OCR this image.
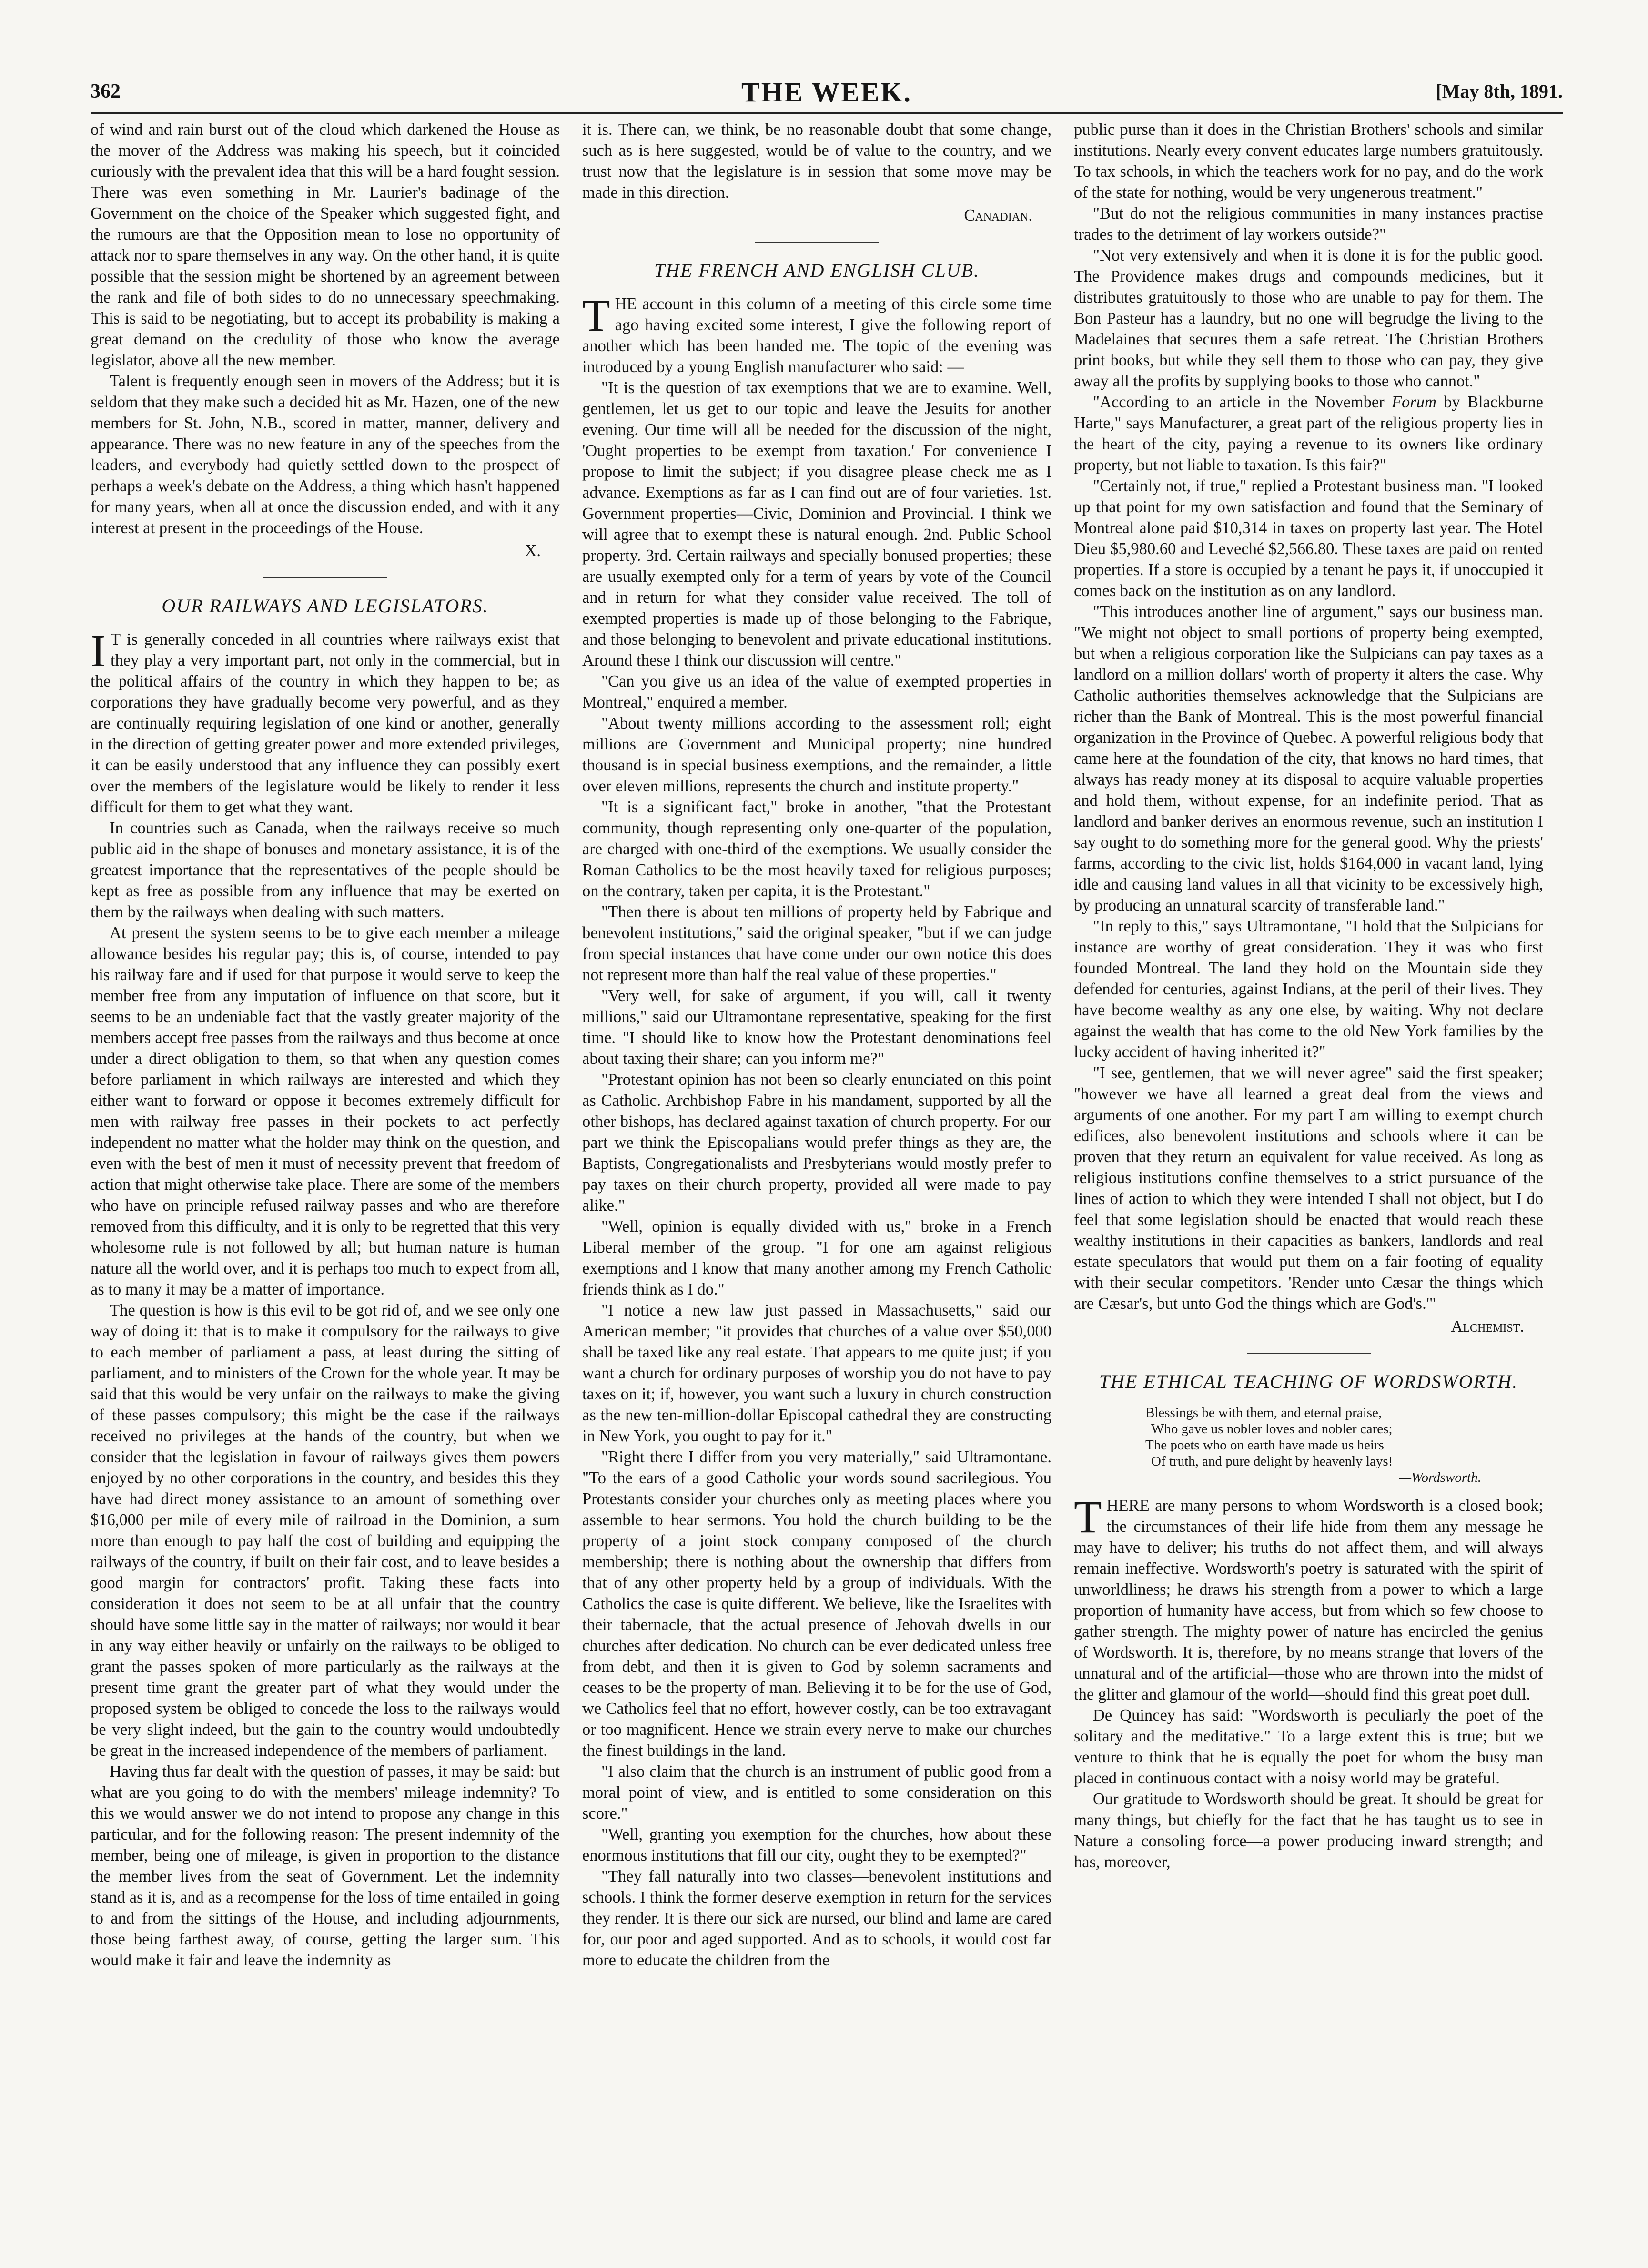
362	THE WEEK.	[May 8th, 1891.

of wind and rain burst out of the cloud which darkened the House as the mover of the Address was making his speech, but it coincided curiously with the prevalent idea that this will be a hard fought session. There was even something in Mr. Laurier's badinage of the Government on the choice of the Speaker which suggested fight, and the rumours are that the Opposition mean to lose no opportunity of attack nor to spare themselves in any way. On the other hand, it is quite possible that the session might be shortened by an agreement between the rank and file of both sides to do no unnecessary speechmaking. This is said to be negotiating, but to accept its probability is making a great demand on the credulity of those who know the average legislator, above all the new member.

Talent is frequently enough seen in movers of the Address; but it is seldom that they make such a decided hit as Mr. Hazen, one of the new members for St. John, N.B., scored in matter, manner, delivery and appearance. There was no new feature in any of the speeches from the leaders, and everybody had quietly settled down to the prospect of perhaps a week's debate on the Address, a thing which hasn't happened for many years, when all at once the discussion ended, and with it any interest at present in the proceedings of the House.

X.
OUR RAILWAYS AND LEGISLATORS.

I T is generally conceded in all countries where railways exist that they play a very important part, not only in the commercial, but in the political affairs of the country in which they happen to be; as corporations they have gradually become very powerful, and as they are continually requiring legislation of one kind or another, generally in the direction of getting greater power and more extended privileges, it can be easily understood that any influence they can possibly exert over the members of the legislature would be likely to render it less difficult for them to get what they want.

In countries such as Canada, when the railways receive so much public aid in the shape of bonuses and monetary assistance, it is of the greatest importance that the representatives of the people should be kept as free as possible from any influence that may be exerted on them by the railways when dealing with such matters.

At present the system seems to be to give each member a mileage allowance besides his regular pay; this is, of course, intended to pay his railway fare and if used for that purpose it would serve to keep the member free from any imputation of influence on that score, but it seems to be an undeniable fact that the vastly greater majority of the members accept free passes from the railways and thus become at once under a direct obligation to them, so that when any question comes before parliament in which railways are interested and which they either want to forward or oppose it becomes extremely difficult for men with railway free passes in their pockets to act perfectly independent no matter what the holder may think on the question, and even with the best of men it must of necessity prevent that freedom of action that might otherwise take place. There are some of the members who have on principle refused railway passes and who are therefore removed from this difficulty, and it is only to be regretted that this very wholesome rule is not followed by all; but human nature is human nature all the world over, and it is perhaps too much to expect from all, as to many it may be a matter of importance.

The question is how is this evil to be got rid of, and we see only one way of doing it: that is to make it compulsory for the railways to give to each member of parliament a pass, at least during the sitting of parliament, and to ministers of the Crown for the whole year. It may be said that this would be very unfair on the railways to make the giving of these passes compulsory; this might be the case if the railways received no privileges at the hands of the country, but when we consider that the legislation in favour of railways gives them powers enjoyed by no other corporations in the country, and besides this they have had direct money assistance to an amount of something over $16,000 per mile of every mile of railroad in the Dominion, a sum more than enough to pay half the cost of building and equipping the railways of the country, if built on their fair cost, and to leave besides a good margin for contractors' profit. Taking these facts into consideration it does not seem to be at all unfair that the country should have some little say in the matter of railways; nor would it bear in any way either heavily or unfairly on the railways to be obliged to grant the passes spoken of more particularly as the railways at the present time grant the greater part of what they would under the proposed system be obliged to concede the loss to the railways would be very slight indeed, but the gain to the country would undoubtedly be great in the increased independence of the members of parliament.

Having thus far dealt with the question of passes, it may be said: but what are you going to do with the members' mileage indemnity? To this we would answer we do not intend to propose any change in this particular, and for the following reason: The present indemnity of the member, being one of mileage, is given in proportion to the distance the member lives from the seat of Government. Let the indemnity stand as it is, and as a recompense for the loss of time entailed in going to and from the sittings of the House, and including adjournments, those being farthest away, of course, getting the larger sum. This would make it fair and leave the indemnity as

it is. There can, we think, be no reasonable doubt that some change, such as is here suggested, would be of value to the country, and we trust now that the legislature is in session that some move may be made in this direction.

Canadian.
THE FRENCH AND ENGLISH CLUB.

THE account in this column of a meeting of this circle some time ago having excited some interest, I give the following report of another which has been handed me. The topic of the evening was introduced by a young English manufacturer who said: —

"It is the question of tax exemptions that we are to examine. Well, gentlemen, let us get to our topic and leave the Jesuits for another evening. Our time will all be needed for the discussion of the night, 'Ought properties to be exempt from taxation.' For convenience I propose to limit the subject; if you disagree please check me as I advance. Exemptions as far as I can find out are of four varieties. 1st. Government properties—Civic, Dominion and Provincial. I think we will agree that to exempt these is natural enough. 2nd. Public School property. 3rd. Certain railways and specially bonused properties; these are usually exempted only for a term of years by vote of the Council and in return for what they consider value received. The toll of exempted properties is made up of those belonging to the Fabrique, and those belonging to benevolent and private educational institutions. Around these I think our discussion will centre."

"Can you give us an idea of the value of exempted properties in Montreal," enquired a member.

"About twenty millions according to the assessment roll; eight millions are Government and Municipal property; nine hundred thousand is in special business exemptions, and the remainder, a little over eleven millions, represents the church and institute property."

"It is a significant fact," broke in another, "that the Protestant community, though representing only one-quarter of the population, are charged with one-third of the exemptions. We usually consider the Roman Catholics to be the most heavily taxed for religious purposes; on the contrary, taken per capita, it is the Protestant."

"Then there is about ten millions of property held by Fabrique and benevolent institutions," said the original speaker, "but if we can judge from special instances that have come under our own notice this does not represent more than half the real value of these properties."

"Very well, for sake of argument, if you will, call it twenty millions," said our Ultramontane representative, speaking for the first time. "I should like to know how the Protestant denominations feel about taxing their share; can you inform me?"

"Protestant opinion has not been so clearly enunciated on this point as Catholic. Archbishop Fabre in his mandament, supported by all the other bishops, has declared against taxation of church property. For our part we think the Episcopalians would prefer things as they are, the Baptists, Congregationalists and Presbyterians would mostly prefer to pay taxes on their church property, provided all were made to pay alike."

"Well, opinion is equally divided with us," broke in a French Liberal member of the group. "I for one am against religious exemptions and I know that many another among my French Catholic friends think as I do."

"I notice a new law just passed in Massachusetts," said our American member; "it provides that churches of a value over $50,000 shall be taxed like any real estate. That appears to me quite just; if you want a church for ordinary purposes of worship you do not have to pay taxes on it; if, however, you want such a luxury in church construction as the new ten-million-dollar Episcopal cathedral they are constructing in New York, you ought to pay for it."

"Right there I differ from you very materially," said Ultramontane. "To the ears of a good Catholic your words sound sacrilegious. You Protestants consider your churches only as meeting places where you assemble to hear sermons. You hold the church building to be the property of a joint stock company composed of the church membership; there is nothing about the ownership that differs from that of any other property held by a group of individuals. With the Catholics the case is quite different. We believe, like the Israelites with their tabernacle, that the actual presence of Jehovah dwells in our churches after dedication. No church can be ever dedicated unless free from debt, and then it is given to God by solemn sacraments and ceases to be the property of man. Believing it to be for the use of God, we Catholics feel that no effort, however costly, can be too extravagant or too magnificent. Hence we strain every nerve to make our churches the finest buildings in the land.

"I also claim that the church is an instrument of public good from a moral point of view, and is entitled to some consideration on this score."

"Well, granting you exemption for the churches, how about these enormous institutions that fill our city, ought they to be exempted?"

"They fall naturally into two classes—benevolent institutions and schools. I think the former deserve exemption in return for the services they render. It is there our sick are nursed, our blind and lame are cared for, our poor and aged supported. And as to schools, it would cost far more to educate the children from the

public purse than it does in the Christian Brothers' schools and similar institutions. Nearly every convent educates large numbers gratuitously. To tax schools, in which the teachers work for no pay, and do the work of the state for nothing, would be very ungenerous treatment."

"But do not the religious communities in many instances practise trades to the detriment of lay workers outside?"

"Not very extensively and when it is done it is for the public good. The Providence makes drugs and compounds medicines, but it distributes gratuitously to those who are unable to pay for them. The Bon Pasteur has a laundry, but no one will begrudge the living to the Madelaines that secures them a safe retreat. The Christian Brothers print books, but while they sell them to those who can pay, they give away all the profits by supplying books to those who cannot."

"According to an article in the November Forum by Blackburne Harte," says Manufacturer, a great part of the religious property lies in the heart of the city, paying a revenue to its owners like ordinary property, but not liable to taxation. Is this fair?"

"Certainly not, if true," replied a Protestant business man. "I looked up that point for my own satisfaction and found that the Seminary of Montreal alone paid $10,314 in taxes on property last year. The Hotel Dieu $5,980.60 and Leveché $2,566.80. These taxes are paid on rented properties. If a store is occupied by a tenant he pays it, if unoccupied it comes back on the institution as on any landlord.

"This introduces another line of argument," says our business man. "We might not object to small portions of property being exempted, but when a religious corporation like the Sulpicians can pay taxes as a landlord on a million dollars' worth of property it alters the case. Why Catholic authorities themselves acknowledge that the Sulpicians are richer than the Bank of Montreal. This is the most powerful financial organization in the Province of Quebec. A powerful religious body that came here at the foundation of the city, that knows no hard times, that always has ready money at its disposal to acquire valuable properties and hold them, without expense, for an indefinite period. That as landlord and banker derives an enormous revenue, such an institution I say ought to do something more for the general good. Why the priests' farms, according to the civic list, holds $164,000 in vacant land, lying idle and causing land values in all that vicinity to be excessively high, by producing an unnatural scarcity of transferable land."

"In reply to this," says Ultramontane, "I hold that the Sulpicians for instance are worthy of great consideration. They it was who first founded Montreal. The land they hold on the Mountain side they defended for centuries, against Indians, at the peril of their lives. They have become wealthy as any one else, by waiting. Why not declare against the wealth that has come to the old New York families by the lucky accident of having inherited it?"

"I see, gentlemen, that we will never agree" said the first speaker; "however we have all learned a great deal from the views and arguments of one another. For my part I am willing to exempt church edifices, also benevolent institutions and schools where it can be proven that they return an equivalent for value received. As long as religious institutions confine themselves to a strict pursuance of the lines of action to which they were intended I shall not object, but I do feel that some legislation should be enacted that would reach these wealthy institutions in their capacities as bankers, landlords and real estate speculators that would put them on a fair footing of equality with their secular competitors. 'Render unto Cæsar the things which are Cæsar's, but unto God the things which are God's.'"

Alchemist.
THE ETHICAL TEACHING OF WORDSWORTH.
Blessings be with them, and eternal praise,
Who gave us nobler loves and nobler cares;
The poets who on earth have made us heirs
Of truth, and pure delight by heavenly lays!
—Wordsworth.

THERE are many persons to whom Wordsworth is a closed book; the circumstances of their life hide from them any message he may have to deliver; his truths do not affect them, and will always remain ineffective. Wordsworth's poetry is saturated with the spirit of unworldliness; he draws his strength from a power to which a large proportion of humanity have access, but from which so few choose to gather strength. The mighty power of nature has encircled the genius of Wordsworth. It is, therefore, by no means strange that lovers of the unnatural and of the artificial—those who are thrown into the midst of the glitter and glamour of the world—should find this great poet dull.

De Quincey has said: "Wordsworth is peculiarly the poet of the solitary and the meditative." To a large extent this is true; but we venture to think that he is equally the poet for whom the busy man placed in continuous contact with a noisy world may be grateful.

Our gratitude to Wordsworth should be great. It should be great for many things, but chiefly for the fact that he has taught us to see in Nature a consoling force—a power producing inward strength; and has, moreover,
